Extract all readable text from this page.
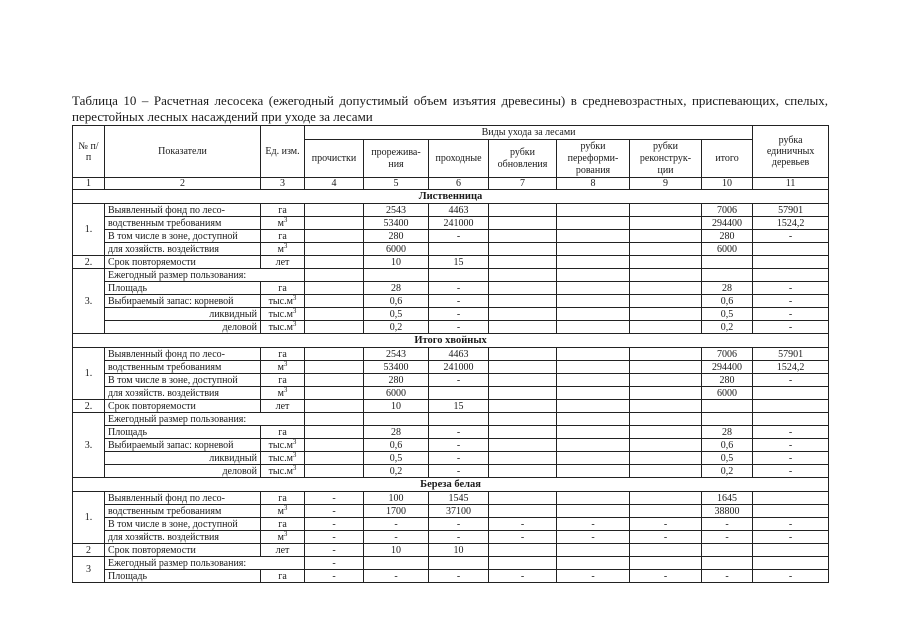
Таблица 10 – Расчетная лесосека (ежегодный допустимый объем изъятия древесины) в средневозрастных, приспевающих, спелых, перестойных лесных насаждений при уходе за лесами
№ п/п	Показатели	Ед. изм.	Виды ухода за лесами							рубка единичных деревьев
			прочистки	прорежива-ния	проходные	рубки обновления	рубки переформи-рования	рубки реконструк-ции	итого	
1	2	3	4	5	6	7	8	9	10	11
Лиственница										
1.	Выявленный фонд по лесо-	га		2543	4463				7006	57901
	водственным требованиям	$м^3$		53400	241000				294400	1524,2
	В том числе в зоне, доступной	га		280	-				280	-
	для хозяйств. воздействия	$м^3$		6000					6000	
2.	Срок повторяемости	лет		10	15					
3.	Ежегодный размер пользования:									
	Площадь	га		28	-				28	-
	Выбираемый запас: корневой	$тыс.м^3$		0,6	-				0,6	-
	ликвидный	$тыс.м^3$		0,5	-				0,5	-
	деловой	$тыс.м^3$		0,2	-				0,2	-
Итого хвойных										
1.	Выявленный фонд по лесо-	га		2543	4463				7006	57901
	водственным требованиям	$м^3$		53400	241000				294400	1524,2
	В том числе в зоне, доступной	га		280	-				280	-
	для хозяйств. воздействия	$м^3$		6000					6000	
2.	Срок повторяемости	лет		10	15					
3.	Ежегодный размер пользования:									
	Площадь	га		28	-				28	-
	Выбираемый запас: корневой	$тыс.м^3$		0,6	-				0,6	-
	ликвидный	$тыс.м^3$		0,5	-				0,5	-
	деловой	$тыс.м^3$		0,2	-				0,2	-
Береза белая										
1.	Выявленный фонд по лесо-	га	-	100	1545				1645	
	водственным требованиям	$м^3$	-	1700	37100				38800	
	В том числе в зоне, доступной	га	-	-	-	-	-	-	-	-
	для хозяйств. воздействия	$м^3$	-	-	-	-	-	-	-	-
2	Срок повторяемости	лет	-	10	10					
3	Ежегодный размер пользования:		-							
	Площадь	га	-	-	-	-	-	-	-	-
